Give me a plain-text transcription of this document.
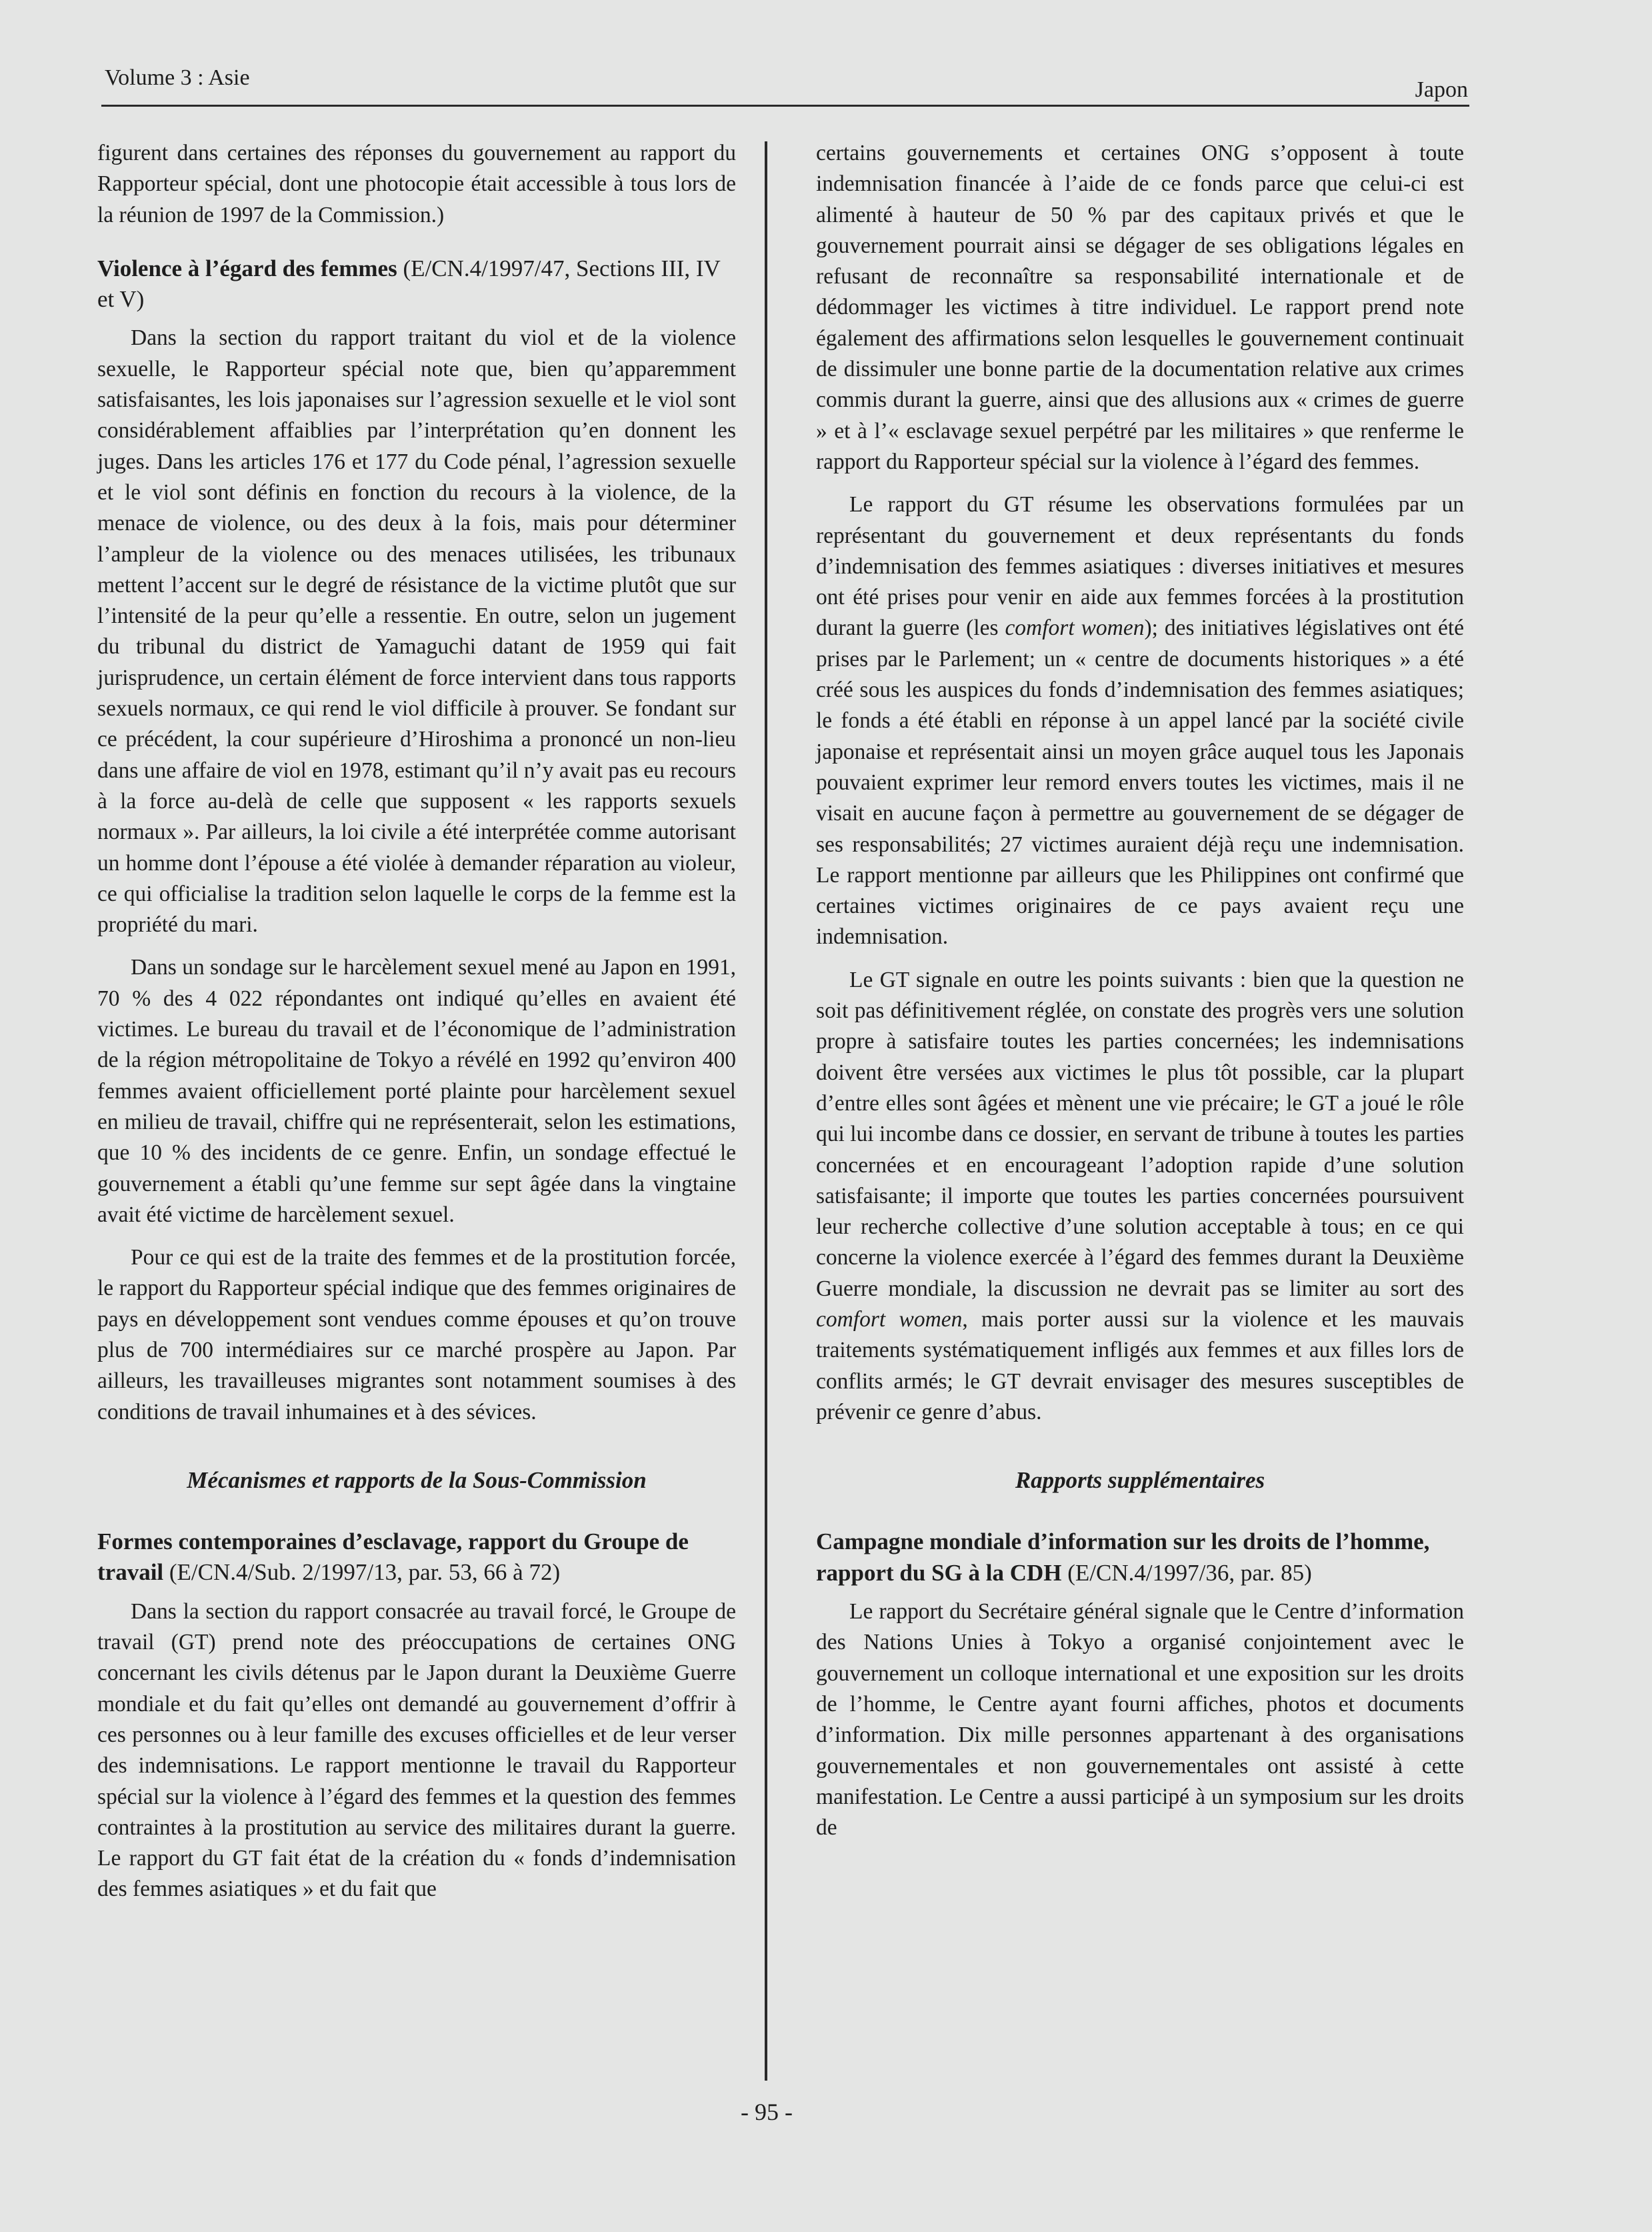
Volume 3 : Asie	Japon

figurent dans certaines des réponses du gouvernement au rapport du Rapporteur spécial, dont une photocopie était accessible à tous lors de la réunion de 1997 de la Commission.)

Violence à l’égard des femmes (E/CN.4/1997/47, Sections III, IV et V)

Dans la section du rapport traitant du viol et de la violence sexuelle, le Rapporteur spécial note que, bien qu’apparemment satisfaisantes, les lois japonaises sur l’agression sexuelle et le viol sont considérablement affaiblies par l’interprétation qu’en donnent les juges. Dans les articles 176 et 177 du Code pénal, l’agression sexuelle et le viol sont définis en fonction du recours à la violence, de la menace de violence, ou des deux à la fois, mais pour déterminer l’ampleur de la violence ou des menaces utilisées, les tribunaux mettent l’accent sur le degré de résistance de la victime plutôt que sur l’intensité de la peur qu’elle a ressentie. En outre, selon un jugement du tribunal du district de Yamaguchi datant de 1959 qui fait jurisprudence, un certain élément de force intervient dans tous rapports sexuels normaux, ce qui rend le viol difficile à prouver. Se fondant sur ce précédent, la cour supérieure d’Hiroshima a prononcé un non-lieu dans une affaire de viol en 1978, estimant qu’il n’y avait pas eu recours à la force au-delà de celle que supposent « les rapports sexuels normaux ». Par ailleurs, la loi civile a été interprétée comme autorisant un homme dont l’épouse a été violée à demander réparation au violeur, ce qui officialise la tradition selon laquelle le corps de la femme est la propriété du mari.

Dans un sondage sur le harcèlement sexuel mené au Japon en 1991, 70 % des 4 022 répondantes ont indiqué qu’elles en avaient été victimes. Le bureau du travail et de l’économique de l’administration de la région métropolitaine de Tokyo a révélé en 1992 qu’environ 400 femmes avaient officiellement porté plainte pour harcèlement sexuel en milieu de travail, chiffre qui ne représenterait, selon les estimations, que 10 % des incidents de ce genre. Enfin, un sondage effectué le gouvernement a établi qu’une femme sur sept âgée dans la vingtaine avait été victime de harcèlement sexuel.

Pour ce qui est de la traite des femmes et de la prostitution forcée, le rapport du Rapporteur spécial indique que des femmes originaires de pays en développement sont vendues comme épouses et qu’on trouve plus de 700 intermédiaires sur ce marché prospère au Japon. Par ailleurs, les travailleuses migrantes sont notamment soumises à des conditions de travail inhumaines et à des sévices.

Mécanismes et rapports de la Sous-Commission
Formes contemporaines d’esclavage, rapport du Groupe de travail (E/CN.4/Sub. 2/1997/13, par. 53, 66 à 72)

Dans la section du rapport consacrée au travail forcé, le Groupe de travail (GT) prend note des préoccupations de certaines ONG concernant les civils détenus par le Japon durant la Deuxième Guerre mondiale et du fait qu’elles ont demandé au gouvernement d’offrir à ces personnes ou à leur famille des excuses officielles et de leur verser des indemnisations. Le rapport mentionne le travail du Rapporteur spécial sur la violence à l’égard des femmes et la question des femmes contraintes à la prostitution au service des militaires durant la guerre. Le rapport du GT fait état de la création du « fonds d’indemnisation des femmes asiatiques » et du fait que

certains gouvernements et certaines ONG s’opposent à toute indemnisation financée à l’aide de ce fonds parce que celui-ci est alimenté à hauteur de 50 % par des capitaux privés et que le gouvernement pourrait ainsi se dégager de ses obligations légales en refusant de reconnaître sa responsabilité internationale et de dédommager les victimes à titre individuel. Le rapport prend note également des affirmations selon lesquelles le gouvernement continuait de dissimuler une bonne partie de la documentation relative aux crimes commis durant la guerre, ainsi que des allusions aux « crimes de guerre » et à l’« esclavage sexuel perpétré par les militaires » que renferme le rapport du Rapporteur spécial sur la violence à l’égard des femmes.

Le rapport du GT résume les observations formulées par un représentant du gouvernement et deux représentants du fonds d’indemnisation des femmes asiatiques : diverses initiatives et mesures ont été prises pour venir en aide aux femmes forcées à la prostitution durant la guerre (les comfort women); des initiatives législatives ont été prises par le Parlement; un « centre de documents historiques » a été créé sous les auspices du fonds d’indemnisation des femmes asiatiques; le fonds a été établi en réponse à un appel lancé par la société civile japonaise et représentait ainsi un moyen grâce auquel tous les Japonais pouvaient exprimer leur remord envers toutes les victimes, mais il ne visait en aucune façon à permettre au gouvernement de se dégager de ses responsabilités; 27 victimes auraient déjà reçu une indemnisation. Le rapport mentionne par ailleurs que les Philippines ont confirmé que certaines victimes originaires de ce pays avaient reçu une indemnisation.

Le GT signale en outre les points suivants : bien que la question ne soit pas définitivement réglée, on constate des progrès vers une solution propre à satisfaire toutes les parties concernées; les indemnisations doivent être versées aux victimes le plus tôt possible, car la plupart d’entre elles sont âgées et mènent une vie précaire; le GT a joué le rôle qui lui incombe dans ce dossier, en servant de tribune à toutes les parties concernées et en encourageant l’adoption rapide d’une solution satisfaisante; il importe que toutes les parties concernées poursuivent leur recherche collective d’une solution acceptable à tous; en ce qui concerne la violence exercée à l’égard des femmes durant la Deuxième Guerre mondiale, la discussion ne devrait pas se limiter au sort des comfort women, mais porter aussi sur la violence et les mauvais traitements systématiquement infligés aux femmes et aux filles lors de conflits armés; le GT devrait envisager des mesures susceptibles de prévenir ce genre d’abus.

Rapports supplémentaires
Campagne mondiale d’information sur les droits de l’homme, rapport du SG à la CDH (E/CN.4/1997/36, par. 85)

Le rapport du Secrétaire général signale que le Centre d’information des Nations Unies à Tokyo a organisé conjointement avec le gouvernement un colloque international et une exposition sur les droits de l’homme, le Centre ayant fourni affiches, photos et documents d’information. Dix mille personnes appartenant à des organisations gouvernementales et non gouvernementales ont assisté à cette manifestation. Le Centre a aussi participé à un symposium sur les droits de

- 95 -
